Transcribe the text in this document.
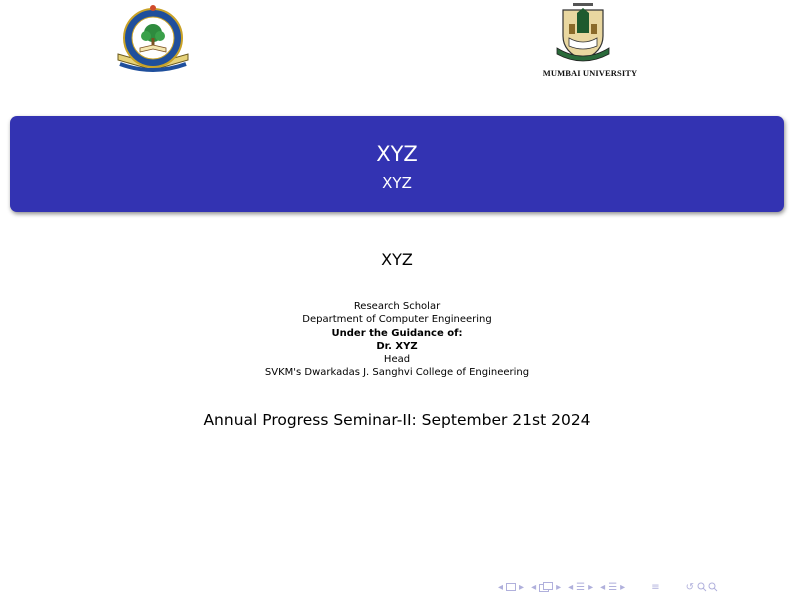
MUMBAI UNIVERSITY
XYZ
XYZ
XYZ
Research Scholar
Department of Computer Engineering
Under the Guidance of:
Dr. XYZ
Head
SVKM's Dwarkadas J. Sanghvi College of Engineering
Annual Progress Seminar-II: September 21st 2024
◂ ▸ ◂ ▸ ◂ ☰ ▸ ◂ ☰ ▸	≡	↺
